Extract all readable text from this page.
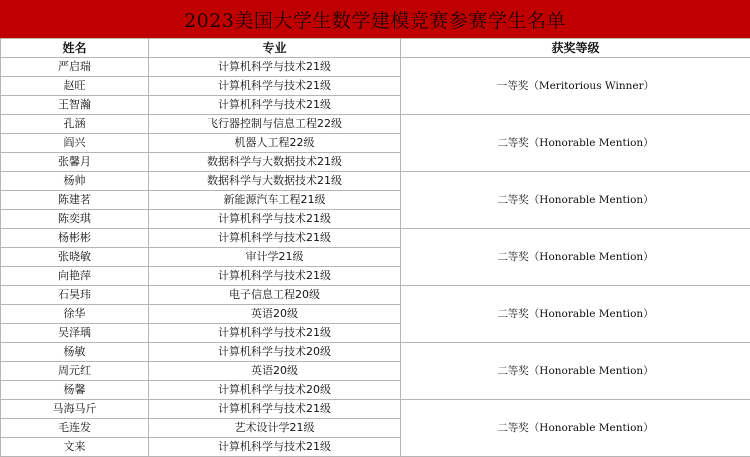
2023美国大学生数学建模竞赛参赛学生名单
姓名	专业	获奖等级
严启瑞	计算机科学与技术21级	一等奖（Meritorious Winner）
赵旺	计算机科学与技术21级	
王智瀚	计算机科学与技术21级	
孔涵	飞行器控制与信息工程22级	二等奖（Honorable Mention）
阎兴	机器人工程22级	
张馨月	数据科学与大数据技术21级	
杨帅	数据科学与大数据技术21级	二等奖（Honorable Mention）
陈建茗	新能源汽车工程21级	
陈奕琪	计算机科学与技术21级	
杨彬彬	计算机科学与技术21级	二等奖（Honorable Mention）
张晓敏	审计学21级	
向艳萍	计算机科学与技术21级	
石昊玮	电子信息工程20级	二等奖（Honorable Mention）
徐华	英语20级	
吴泽瑀	计算机科学与技术21级	
杨敏	计算机科学与技术20级	二等奖（Honorable Mention）
周元红	英语20级	
杨馨	计算机科学与技术20级	
马海马斤	计算机科学与技术21级	二等奖（Honorable Mention）
毛连发	艺术设计学21级	
文来	计算机科学与技术21级	
